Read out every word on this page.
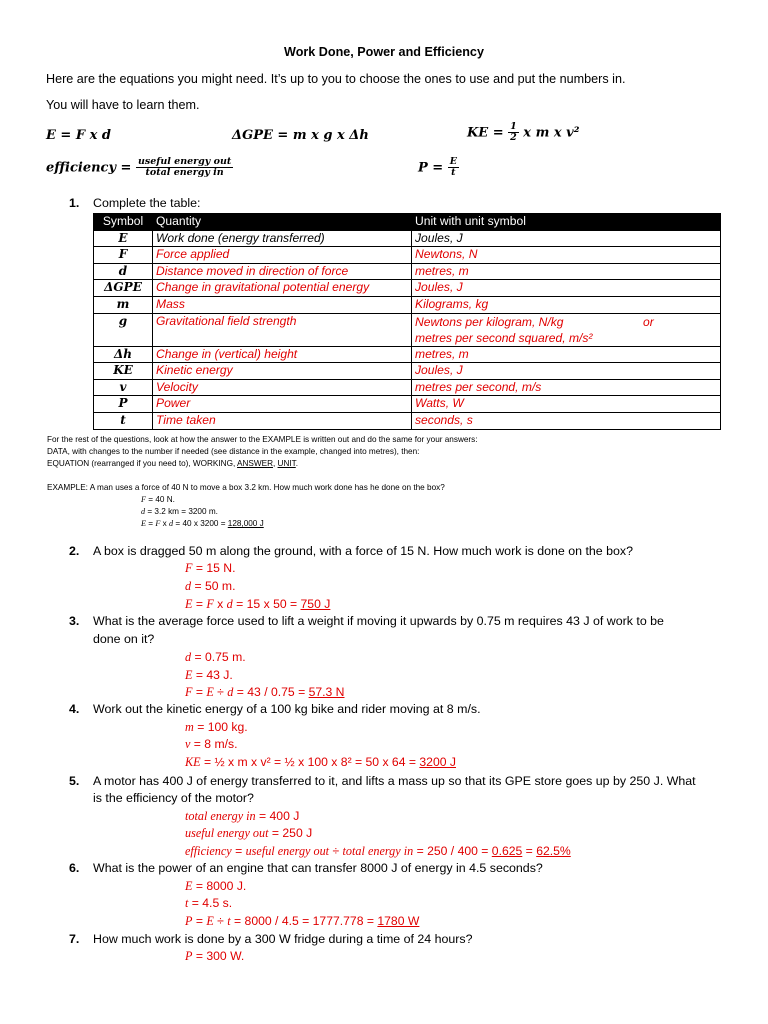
Work Done, Power and Efficiency
Here are the equations you might need. It’s up to you to choose the ones to use and put the numbers in.
You will have to learn them.
E = F x d	ΔGPE = m x g x Δh	KE = $\frac{1}{2}$ x m x v²
efficiency = $\frac{\text{useful energy out}}{\text{total energy in}}$	$P = \frac{E}{t}$
1. Complete the table:
Symbol	Quantity	Unit with unit symbol
E	Work done (energy transferred)	Joules, J
F	Force applied	Newtons, N
d	Distance moved in direction of force	metres, m
ΔGPE	Change in gravitational potential energy	Joules, J
m	Mass	Kilograms, kg
g	Gravitational field strength	Newtons per kilogram, N/kg or
metres per second squared, m/s²

Δh	Change in (vertical) height	metres, m
KE	Kinetic energy	Joules, J
v	Velocity	metres per second, m/s
P	Power	Watts, W
t	Time taken	seconds, s
For the rest of the questions, look at how the answer to the EXAMPLE is written out and do the same for your answers:
DATA, with changes to the number if needed (see distance in the example, changed into metres), then:
EQUATION (rearranged if you need to), WORKING, ANSWER, UNIT.
EXAMPLE: A man uses a force of 40 N to move a box 3.2 km. How much work done has he done on the box?
F = 40 N.
d = 3.2 km = 3200 m.
E = F x d = 40 x 3200 = 128,000 J
2. A box is dragged 50 m along the ground, with a force of 15 N. How much work is done on the box?
F = 15 N.
d = 50 m.
E = F x d = 15 x 50 = 750 J
3. What is the average force used to lift a weight if moving it upwards by 0.75 m requires 43 J of work to be
done on it?
d = 0.75 m.
E = 43 J.
F = E ÷ d = 43 / 0.75 = 57.3 N
4. Work out the kinetic energy of a 100 kg bike and rider moving at 8 m/s.
m = 100 kg.
v = 8 m/s.
KE = ½ x m x v² = ½ x 100 x 8² = 50 x 64 = 3200 J
5. A motor has 400 J of energy transferred to it, and lifts a mass up so that its GPE store goes up by 250 J. What
is the efficiency of the motor?
total energy in = 400 J
useful energy out = 250 J
efficiency = useful energy out ÷ total energy in = 250 / 400 = 0.625 = 62.5%
6. What is the power of an engine that can transfer 8000 J of energy in 4.5 seconds?
E = 8000 J.
t = 4.5 s.
P = E ÷ t = 8000 / 4.5 = 1777.778 = 1780 W
7. How much work is done by a 300 W fridge during a time of 24 hours?
P = 300 W.
